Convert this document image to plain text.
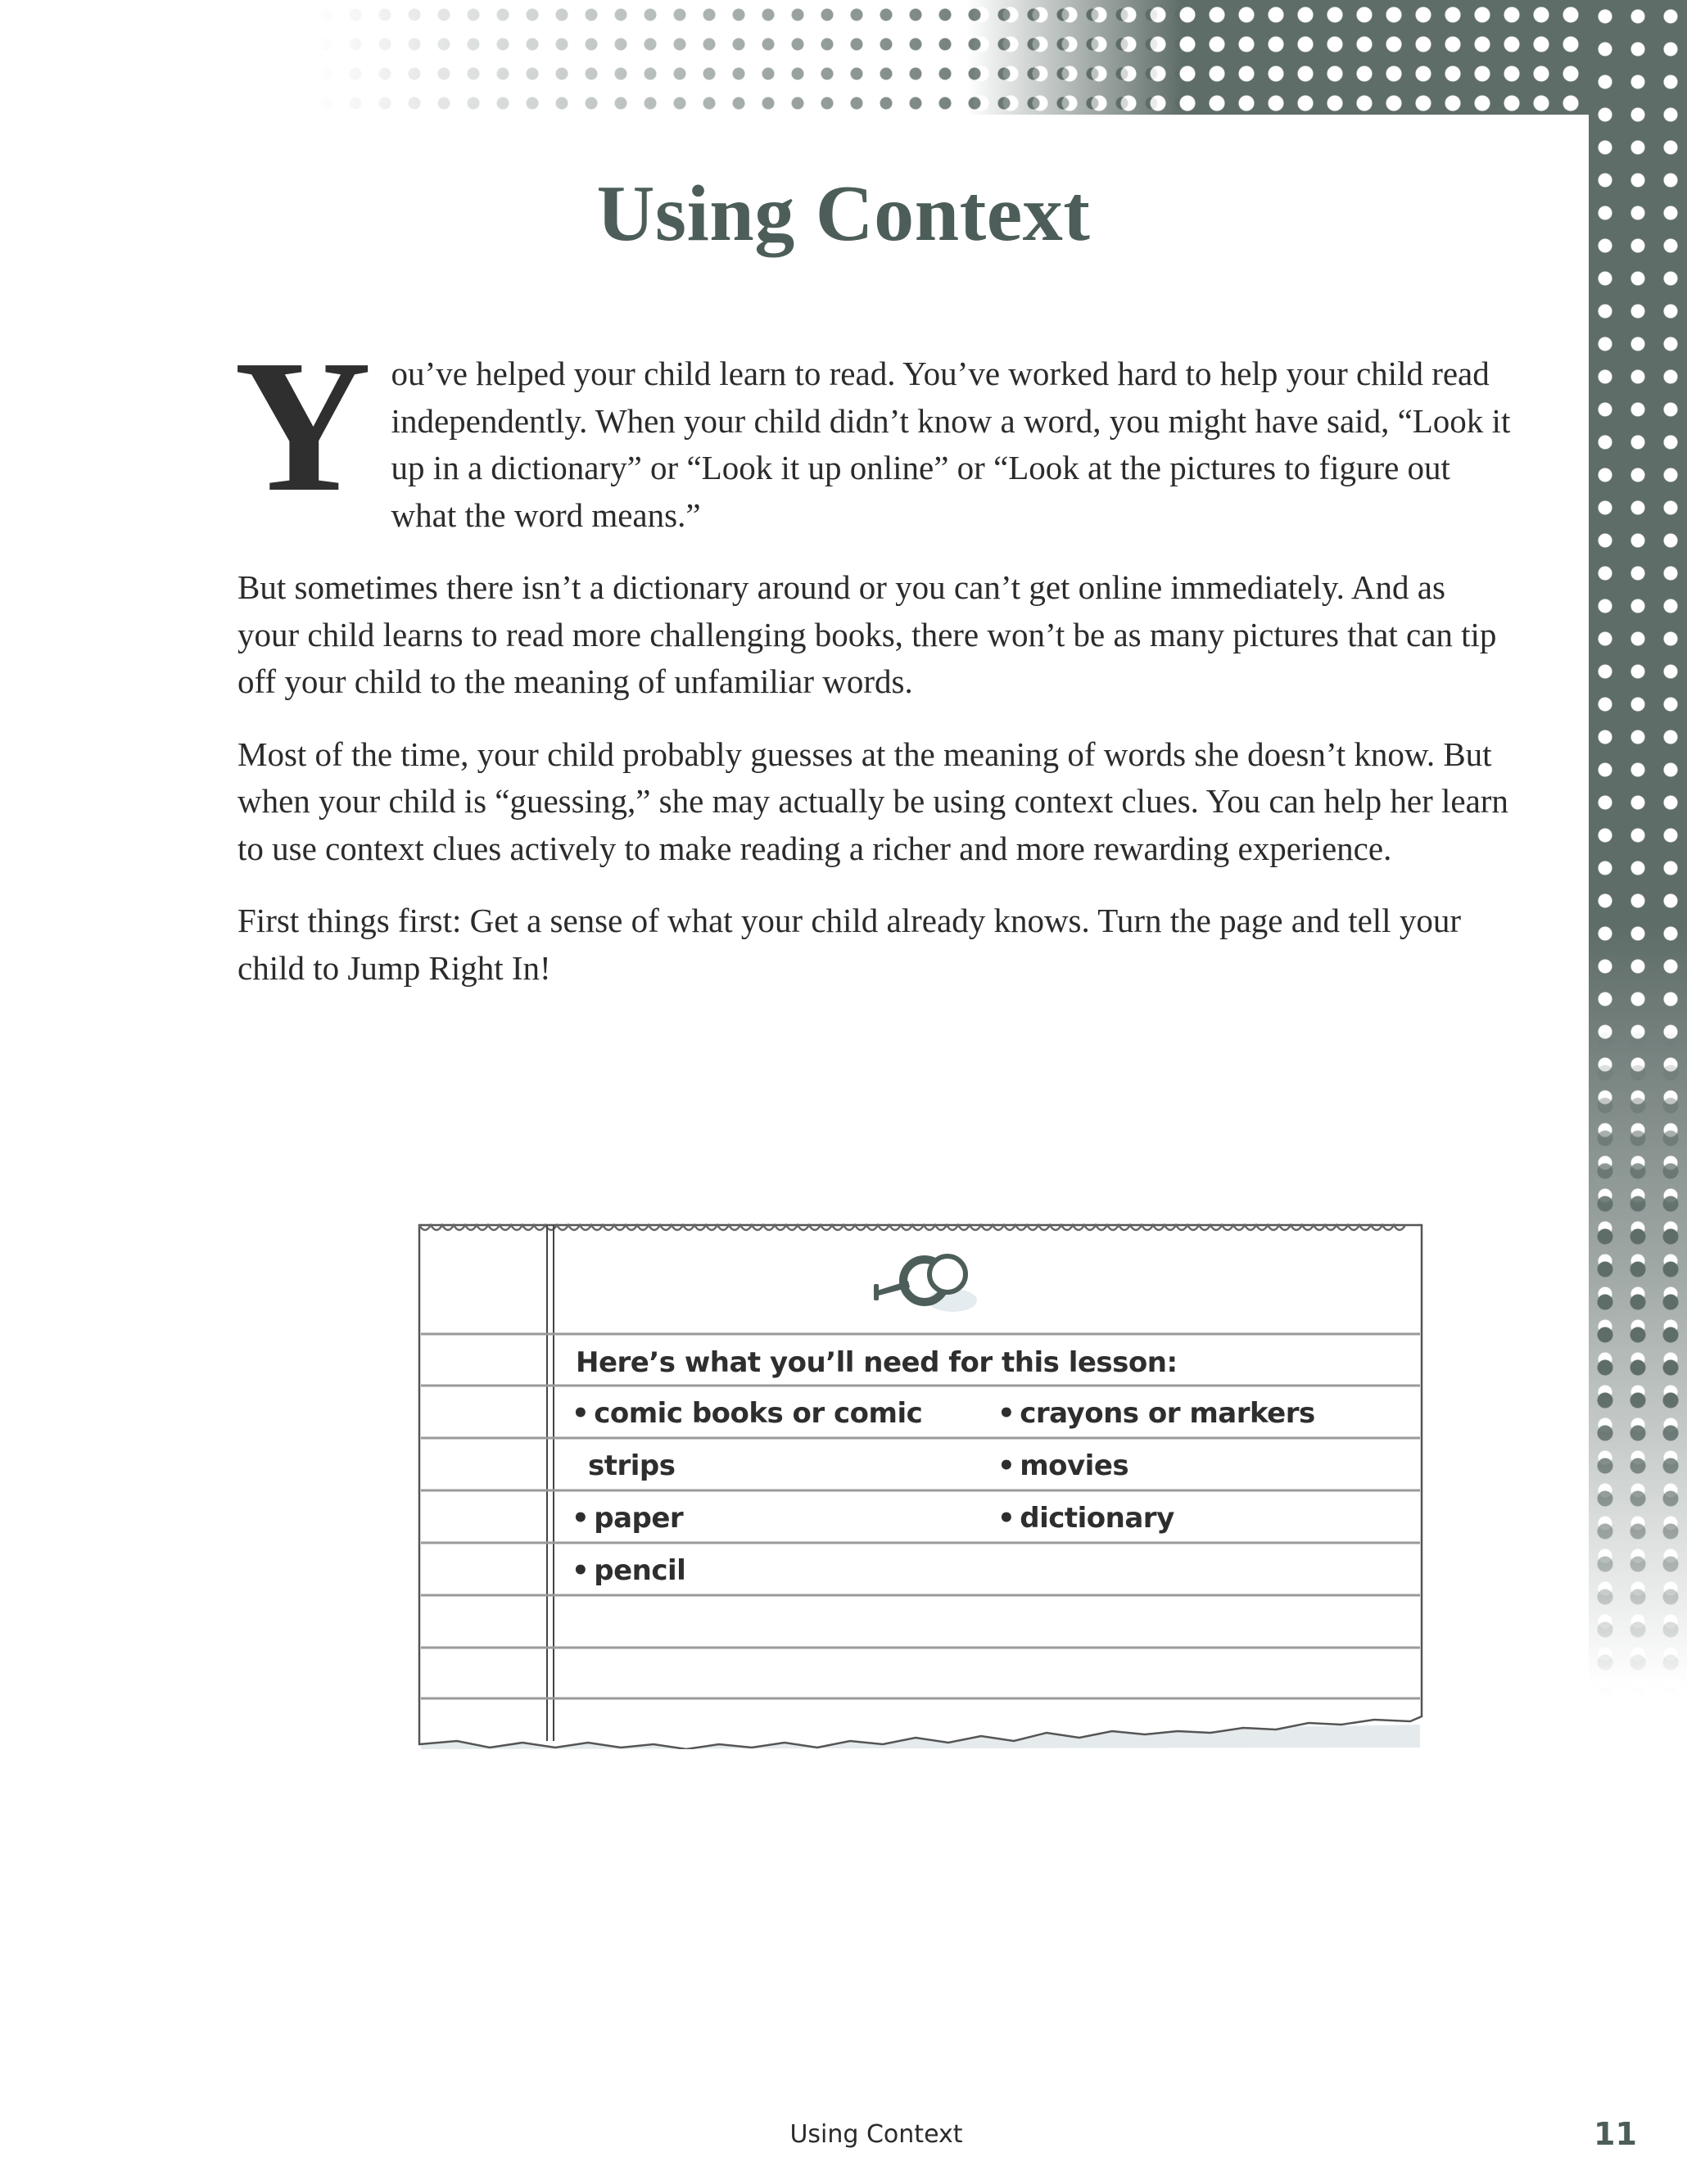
Using Context

You’ve helped your child learn to read. You’ve worked hard to help your child read independently. When your child didn’t know a word, you might have said, “Look it up in a dictionary” or “Look it up online” or “Look at the pictures to figure out what the word means.”

But sometimes there isn’t a dictionary around or you can’t get online immediately. And as your child learns to read more challenging books, there won’t be as many pictures that can tip off your child to the meaning of unfamiliar words.

Most of the time, your child probably guesses at the meaning of words she doesn’t know. But when your child is “guessing,” she may actually be using context clues. You can help her learn to use context clues actively to make reading a richer and more rewarding experience.

First things first: Get a sense of what your child already knows. Turn the page and tell your child to Jump Right In!

Here’s what you’ll need for this lesson:
• comic books or comic
strips
• paper
• pencil
• crayons or markers
• movies
• dictionary
Using Context	11
